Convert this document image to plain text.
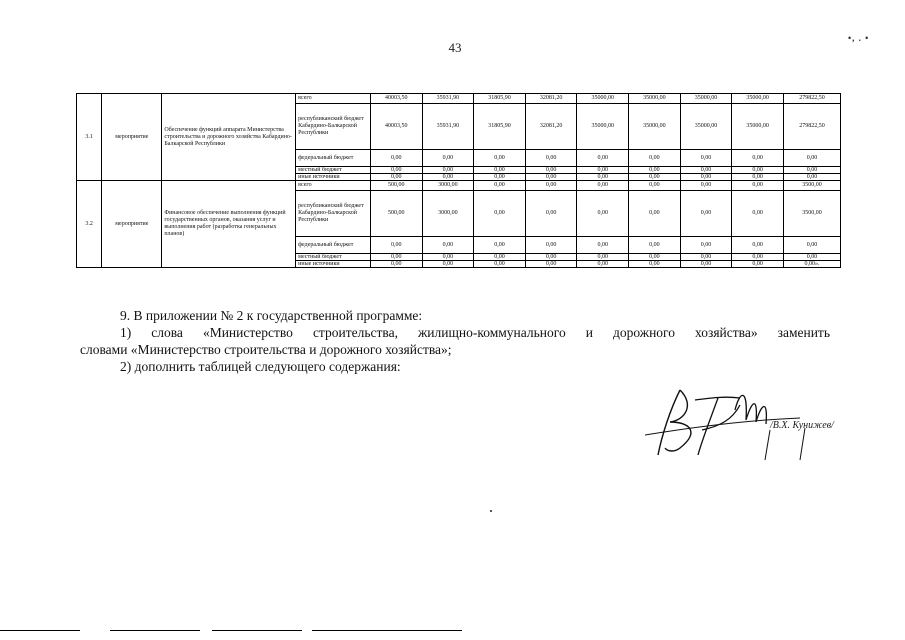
43
•, . •
3.1	мероприятие	Обеспечение функций аппарата Министерства строительства и дорожного хозяйства Кабардино-Балкарской Республики	всего	40003,50	35931,90	31805,90	32081,20	35000,00	35000,00	35000,00	35000,00	279822,50
			республиканский бюджет Кабардино-Балкарской Республики	40003,50	35931,90	31805,90	32081,20	35000,00	35000,00	35000,00	35000,00	279822,50
			федеральный бюджет	0,00	0,00	0,00	0,00	0,00	0,00	0,00	0,00	0,00
			местный бюджет	0,00	0,00	0,00	0,00	0,00	0,00	0,00	0,00	0,00
			иные источники	0,00	0,00	0,00	0,00	0,00	0,00	0,00	0,00	0,00
3.2	мероприятие	Финансовое обеспечение выполнения функций государственных органов, оказания услуг и выполнения работ (разработка генеральных планов)	всего	500,00	3000,00	0,00	0,00	0,00	0,00	0,00	0,00	3500,00
			республиканский бюджет Кабардино-Балкарской Республики	500,00	3000,00	0,00	0,00	0,00	0,00	0,00	0,00	3500,00
			федеральный бюджет	0,00	0,00	0,00	0,00	0,00	0,00	0,00	0,00	0,00
			местный бюджет	0,00	0,00	0,00	0,00	0,00	0,00	0,00	0,00	0,00
			иные источники	0,00	0,00	0,00	0,00	0,00	0,00	0,00	0,00	0,00».

9. В приложении № 2 к государственной программе:

1) слова «Министерство строительства, жилищно-коммунального и дорожного хозяйства» заменить

словами «Министерство строительства и дорожного хозяйства»;

2) дополнить таблицей следующего содержания:

/В.Х. Кунижев/
